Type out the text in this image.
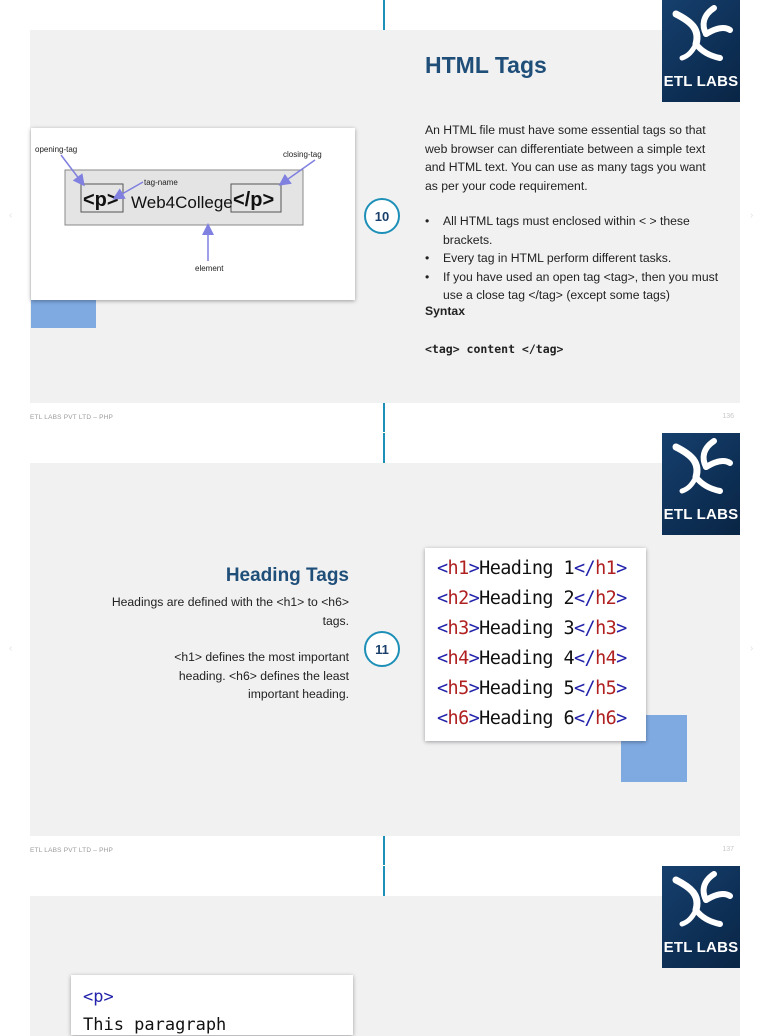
‹	›
ETL LABS
HTML Tags
An HTML file must have some essential tags so that web browser can differentiate between a simple text and HTML text. You can use as many tags you want as per your code requirement.
• All HTML tags must enclosed within < > these brackets.
• Every tag in HTML perform different tasks.
• If you have used an open tag <tag>, then you must use a close tag </tag> (except some tags)
Syntax
<tag> content </tag>
<p> Web4College </p>
opening-tag
closing-tag
tag-name
element
10
ETL LABS PVT LTD – PHP	136
‹	›
ETL LABS
Heading Tags
Headings are defined with the <h1> to <h6> tags.
<h1> defines the most important heading. <h6> defines the least important heading.
<h1>Heading 1</h1>
<h2>Heading 2</h2>
<h3>Heading 3</h3>
<h4>Heading 4</h4>
<h5>Heading 5</h5>
<h6>Heading 6</h6>
11
ETL LABS PVT LTD – PHP	137
ETL LABS
<p>
This paragraph
